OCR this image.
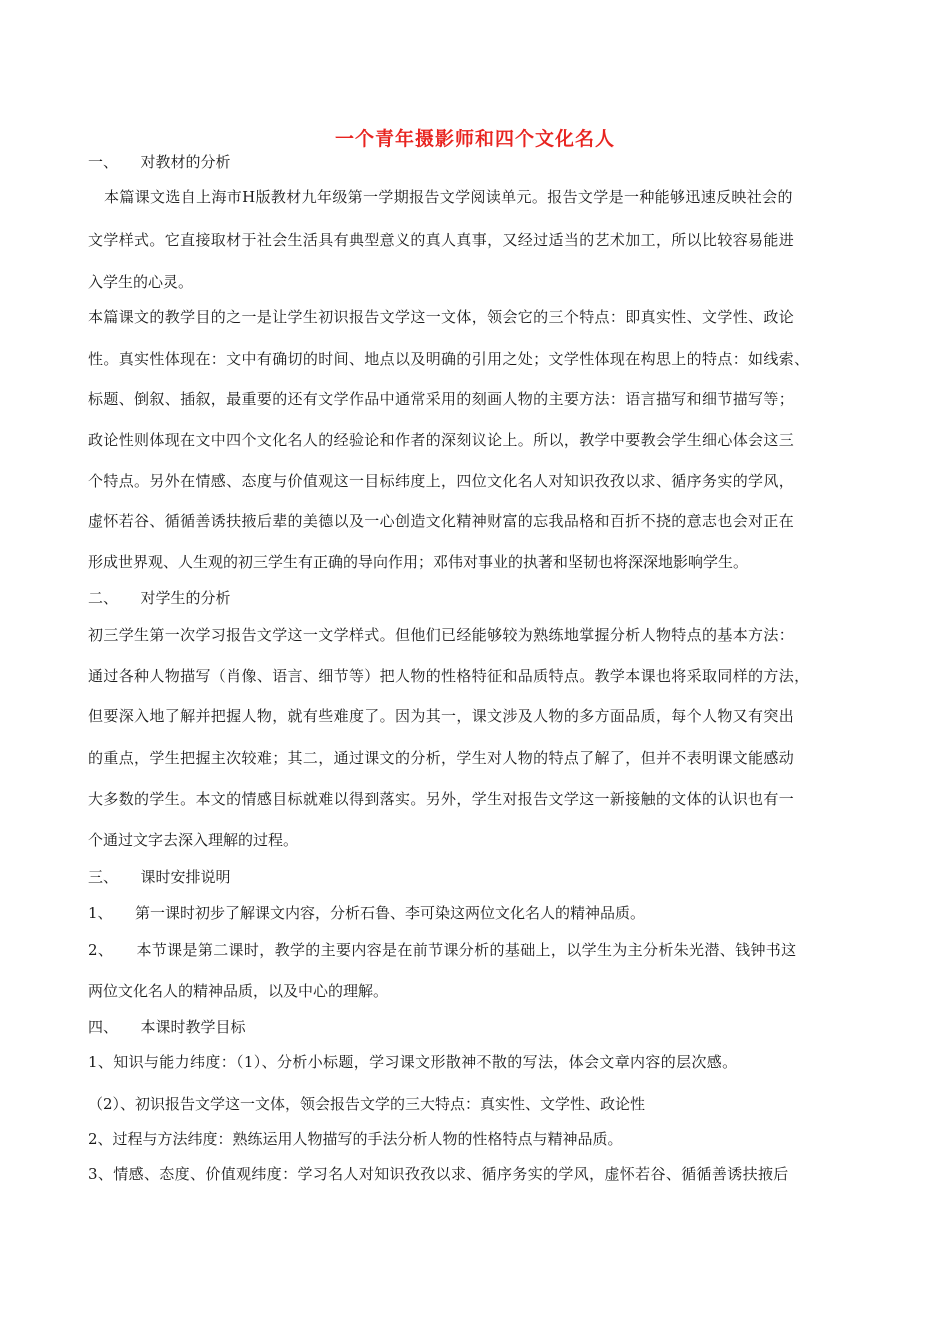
一个青年摄影师和四个文化名人
一、　　对教材的分析
本篇课文选自上海市H版教材九年级第一学期报告文学阅读单元。报告文学是一种能够迅速反映社会的
文学样式。它直接取材于社会生活具有典型意义的真人真事，又经过适当的艺术加工，所以比较容易能进
入学生的心灵。
本篇课文的教学目的之一是让学生初识报告文学这一文体，领会它的三个特点：即真实性、文学性、政论
性。真实性体现在：文中有确切的时间、地点以及明确的引用之处；文学性体现在构思上的特点：如线索、
标题、倒叙、插叙，最重要的还有文学作品中通常采用的刻画人物的主要方法：语言描写和细节描写等；
政论性则体现在文中四个文化名人的经验论和作者的深刻议论上。所以，教学中要教会学生细心体会这三
个特点。另外在情感、态度与价值观这一目标纬度上，四位文化名人对知识孜孜以求、循序务实的学风，
虚怀若谷、循循善诱扶掖后辈的美德以及一心创造文化精神财富的忘我品格和百折不挠的意志也会对正在
形成世界观、人生观的初三学生有正确的导向作用；邓伟对事业的执著和坚韧也将深深地影响学生。
二、　　对学生的分析
初三学生第一次学习报告文学这一文学样式。但他们已经能够较为熟练地掌握分析人物特点的基本方法：
通过各种人物描写（肖像、语言、细节等）把人物的性格特征和品质特点。教学本课也将采取同样的方法，
但要深入地了解并把握人物，就有些难度了。因为其一，课文涉及人物的多方面品质，每个人物又有突出
的重点，学生把握主次较难；其二，通过课文的分析，学生对人物的特点了解了，但并不表明课文能感动
大多数的学生。本文的情感目标就难以得到落实。另外，学生对报告文学这一新接触的文体的认识也有一
个通过文字去深入理解的过程。
三、　　课时安排说明
1、　　第一课时初步了解课文内容，分析石鲁、李可染这两位文化名人的精神品质。
2、　　本节课是第二课时，教学的主要内容是在前节课分析的基础上，以学生为主分析朱光潜、钱钟书这
两位文化名人的精神品质，以及中心的理解。
四、　　本课时教学目标
1、知识与能力纬度：（1）、分析小标题，学习课文形散神不散的写法，体会文章内容的层次感。
（2）、初识报告文学这一文体，领会报告文学的三大特点：真实性、文学性、政论性
2、过程与方法纬度：熟练运用人物描写的手法分析人物的性格特点与精神品质。
3、情感、态度、价值观纬度：学习名人对知识孜孜以求、循序务实的学风，虚怀若谷、循循善诱扶掖后
